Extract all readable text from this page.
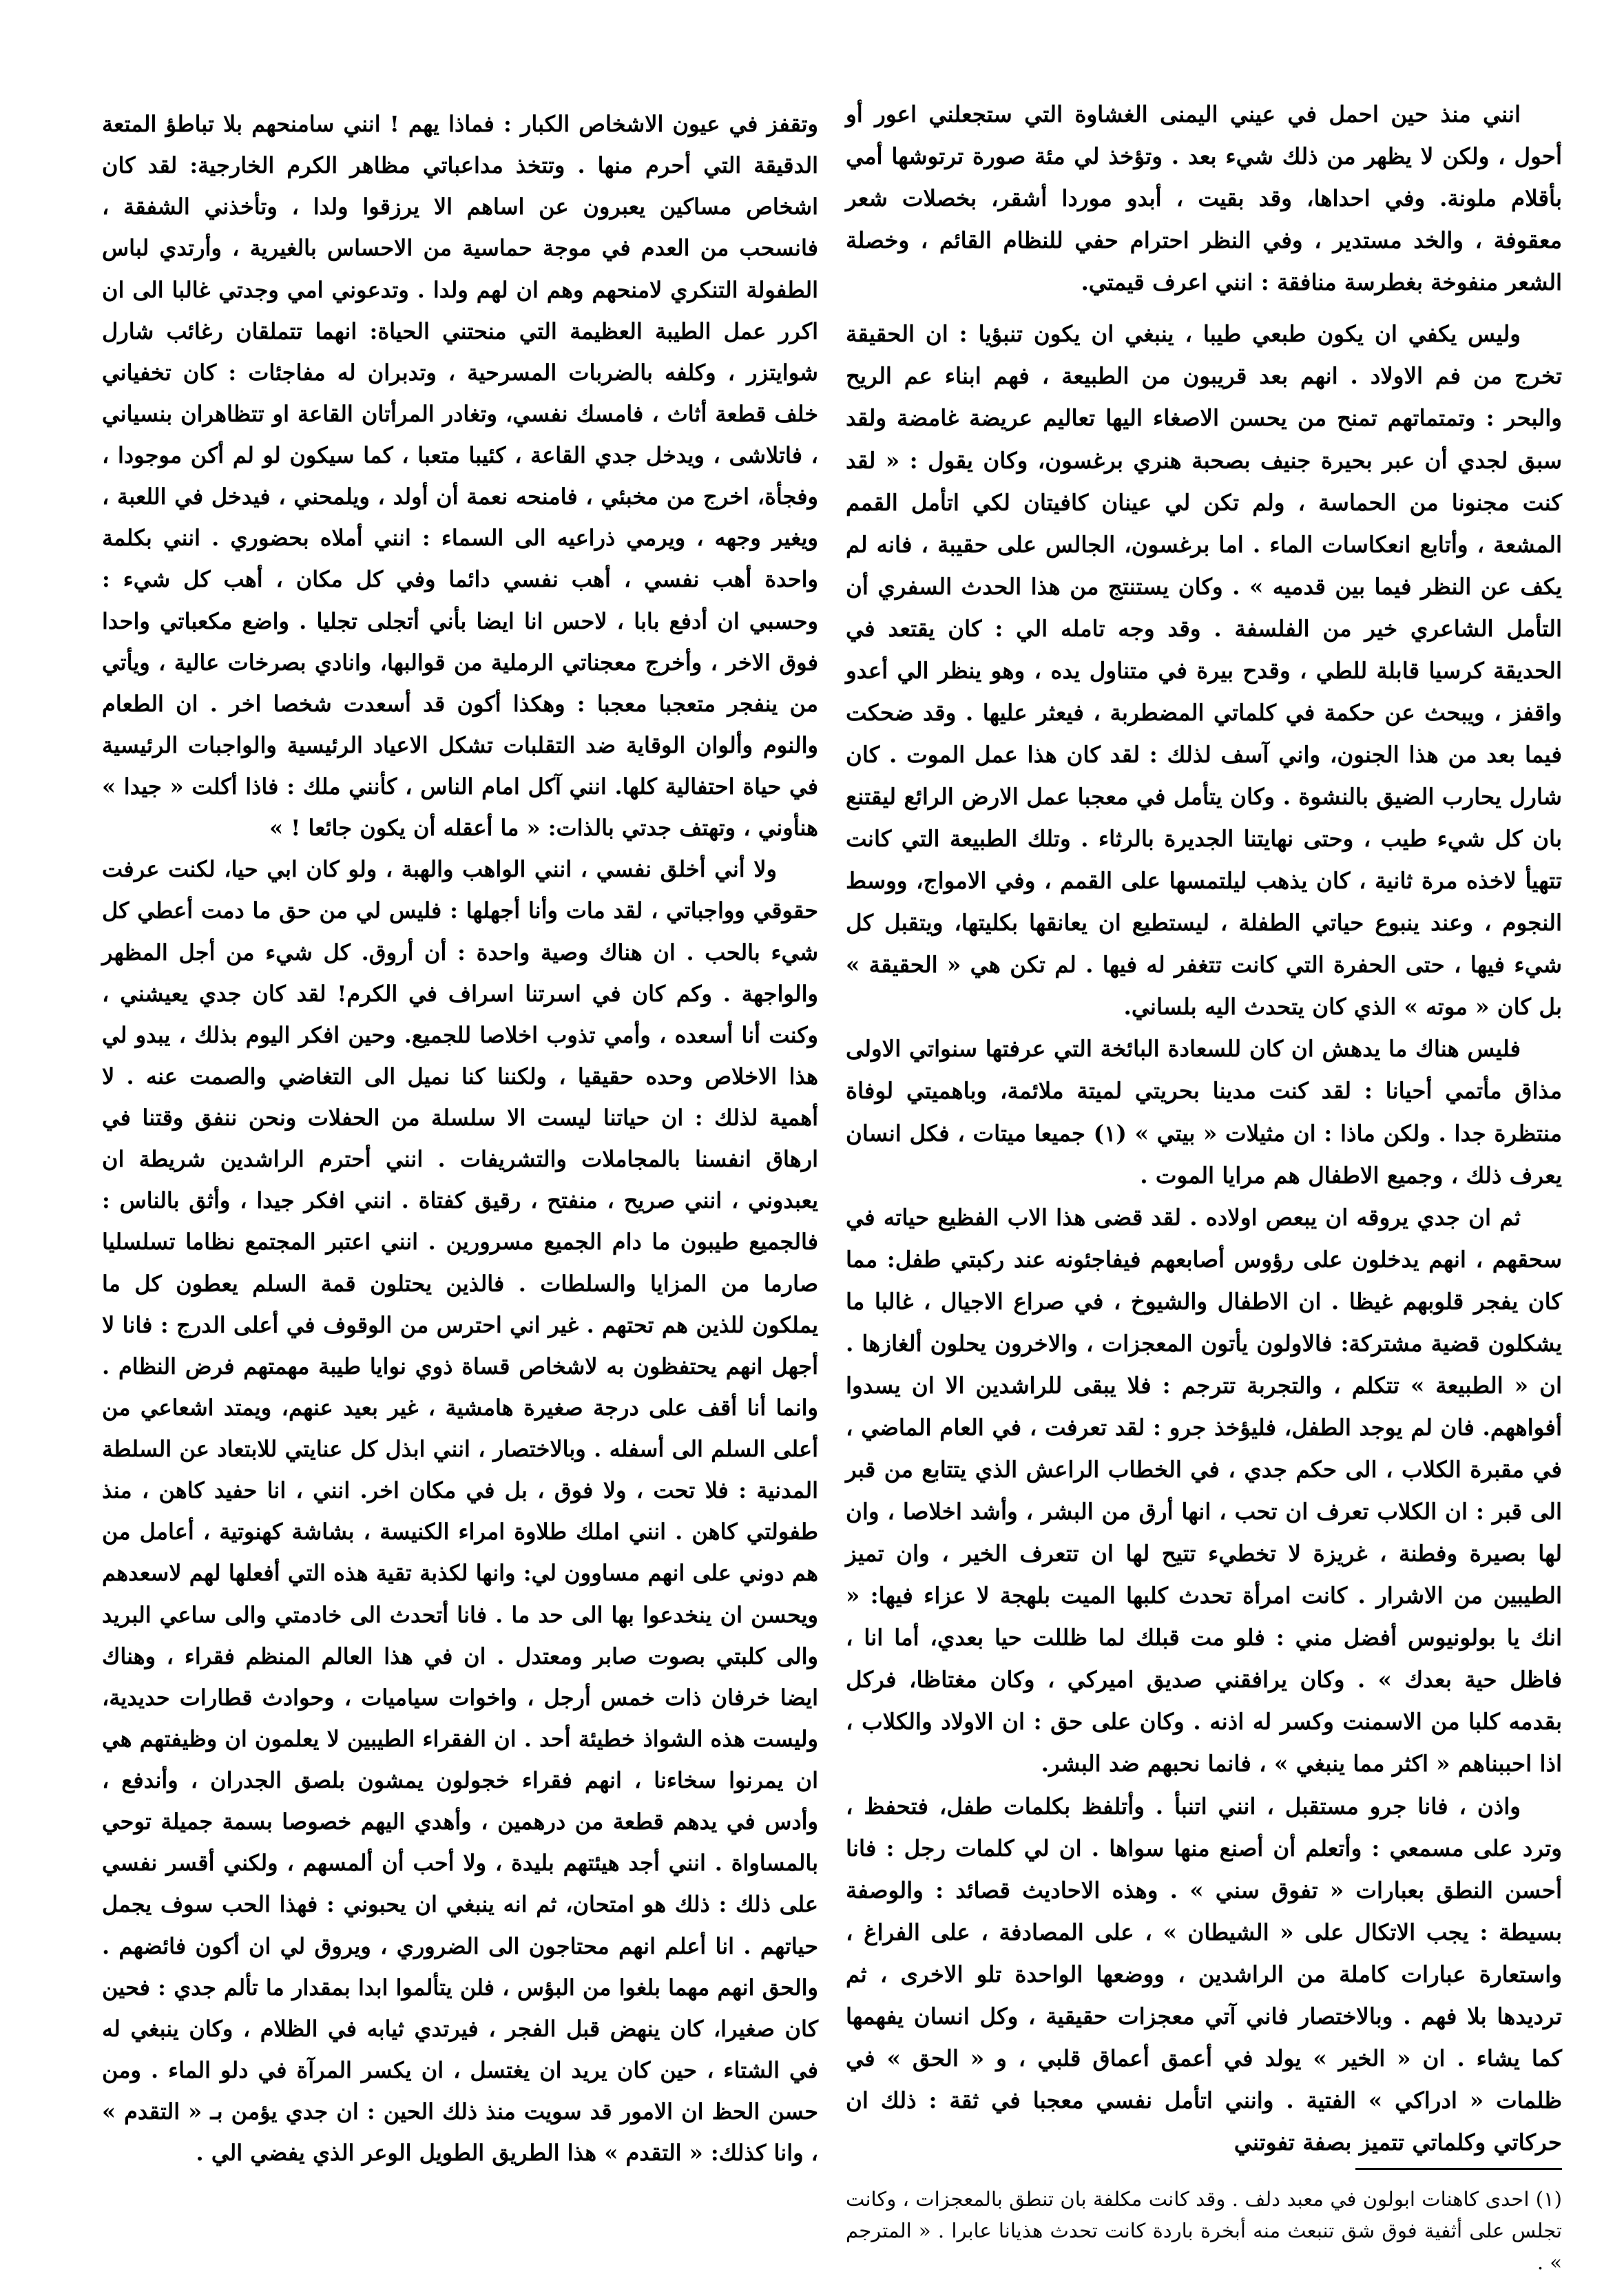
انني منذ حين احمل في عيني اليمنى الغشاوة التي ستجعلني اعور أو أحول ، ولكن لا يظهر من ذلك شيء بعد . وتؤخذ لي مئة صورة ترتوشها أمي بأقلام ملونة. وفي احداها، وقد بقيت ، أبدو موردا أشقر، بخصلات شعر معقوفة ، والخد مستدير ، وفي النظر احترام حفي للنظام القائم ، وخصلة الشعر منفوخة بغطرسة منافقة : انني اعرف قيمتي.

وليس يكفي ان يكون طبعي طيبا ، ينبغي ان يكون تنبؤيا : ان الحقيقة تخرج من فم الاولاد . انهم بعد قريبون من الطبيعة ، فهم ابناء عم الريح والبحر : وتمتماتهم تمنح من يحسن الاصغاء اليها تعاليم عريضة غامضة ولقد سبق لجدي أن عبر بحيرة جنيف بصحبة هنري برغسون، وكان يقول : « لقد كنت مجنونا من الحماسة ، ولم تكن لي عينان كافيتان لكي اتأمل القمم المشعة ، وأتابع انعكاسات الماء . اما برغسون، الجالس على حقيبة ، فانه لم يكف عن النظر فيما بين قدميه » . وكان يستنتج من هذا الحدث السفري أن التأمل الشاعري خير من الفلسفة . وقد وجه تامله الي : كان يقتعد في الحديقة كرسيا قابلة للطي ، وقدح بيرة في متناول يده ، وهو ينظر الي أعدو واقفز ، ويبحث عن حكمة في كلماتي المضطربة ، فيعثر عليها . وقد ضحكت فيما بعد من هذا الجنون، واني آسف لذلك : لقد كان هذا عمل الموت . كان شارل يحارب الضيق بالنشوة . وكان يتأمل في معجبا عمل الارض الرائع ليقتنع بان كل شيء طيب ، وحتى نهايتنا الجديرة بالرثاء . وتلك الطبيعة التي كانت تتهيأ لاخذه مرة ثانية ، كان يذهب ليلتمسها على القمم ، وفي الامواج، ووسط النجوم ، وعند ينبوع حياتي الطفلة ، ليستطيع ان يعانقها بكليتها، ويتقبل كل شيء فيها ، حتى الحفرة التي كانت تتغفر له فيها . لم تكن هي « الحقيقة » بل كان « موته » الذي كان يتحدث اليه بلساني.

فليس هناك ما يدهش ان كان للسعادة البائخة التي عرفتها سنواتي الاولى مذاق مأتمي أحيانا : لقد كنت مدينا بحريتي لميتة ملائمة، وباهميتي لوفاة منتظرة جدا . ولكن ماذا : ان مثيلات « بيتي » (١) جميعا ميتات ، فكل انسان يعرف ذلك ، وجميع الاطفال هم مرايا الموت .

ثم ان جدي يروقه ان يبعص اولاده . لقد قضى هذا الاب الفظيع حياته في سحقهم ، انهم يدخلون على رؤوس أصابعهم فيفاجئونه عند ركبتي طفل: مما كان يفجر قلوبهم غيظا . ان الاطفال والشيوخ ، في صراع الاجيال ، غالبا ما يشكلون قضية مشتركة: فالاولون يأتون المعجزات ، والاخرون يحلون ألغازها . ان « الطبيعة » تتكلم ، والتجربة تترجم : فلا يبقى للراشدين الا ان يسدوا أفواههم. فان لم يوجد الطفل، فليؤخذ جرو : لقد تعرفت ، في العام الماضي ، في مقبرة الكلاب ، الى حكم جدي ، في الخطاب الراعش الذي يتتابع من قبر الى قبر : ان الكلاب تعرف ان تحب ، انها أرق من البشر ، وأشد اخلاصا ، وان لها بصيرة وفطنة ، غريزة لا تخطيء تتيح لها ان تتعرف الخير ، وان تميز الطيبين من الاشرار . كانت امرأة تحدث كلبها الميت بلهجة لا عزاء فيها: « انك يا بولونيوس أفضل مني : فلو مت قبلك لما ظللت حيا بعدي، أما انا ، فاظل حية بعدك » . وكان يرافقني صديق اميركي ، وكان مغتاظا، فركل بقدمه كلبا من الاسمنت وكسر له اذنه . وكان على حق : ان الاولاد والكلاب ، اذا احببناهم « اكثر مما ينبغي » ، فانما نحبهم ضد البشر.

واذن ، فانا جرو مستقبل ، انني اتنبأ . وأتلفظ بكلمات طفل، فتحفظ ، وترد على مسمعي : وأتعلم أن أصنع منها سواها . ان لي كلمات رجل : فانا أحسن النطق بعبارات « تفوق سني » . وهذه الاحاديث قصائد : والوصفة بسيطة : يجب الاتكال على « الشيطان » ، على المصادفة ، على الفراغ ، واستعارة عبارات كاملة من الراشدين ، ووضعها الواحدة تلو الاخرى ، ثم ترديدها بلا فهم . وبالاختصار فاني آتي معجزات حقيقية ، وكل انسان يفهمها كما يشاء . ان « الخير » يولد في أعمق أعماق قلبي ، و « الحق » في ظلمات « ادراكي » الفتية . وانني اتأمل نفسي معجبا في ثقة : ذلك ان حركاتي وكلماتي تتميز بصفة تفوتني

وتقفز في عيون الاشخاص الكبار : فماذا يهم ! انني سامنحهم بلا تباطؤ المتعة الدقيقة التي أحرم منها . وتتخذ مداعباتي مظاهر الكرم الخارجية: لقد كان اشخاص مساكين يعبرون عن اساهم الا يرزقوا ولدا ، وتأخذني الشفقة ، فانسحب من العدم في موجة حماسية من الاحساس بالغيرية ، وأرتدي لباس الطفولة التنكري لامنحهم وهم ان لهم ولدا . وتدعوني امي وجدتي غالبا الى ان اكرر عمل الطيبة العظيمة التي منحتني الحياة: انهما تتملقان رغائب شارل شوايتزر ، وكلفه بالضربات المسرحية ، وتدبران له مفاجئات : كان تخفياني خلف قطعة أثاث ، فامسك نفسي، وتغادر المرأتان القاعة او تتظاهران بنسياني ، فاتلاشى ، ويدخل جدي القاعة ، كئيبا متعبا ، كما سيكون لو لم أكن موجودا ، وفجأة، اخرج من مخبئي ، فامنحه نعمة أن أولد ، ويلمحني ، فيدخل في اللعبة ، ويغير وجهه ، ويرمي ذراعيه الى السماء : انني أملاه بحضوري . انني بكلمة واحدة أهب نفسي ، أهب نفسي دائما وفي كل مكان ، أهب كل شيء : وحسبي ان أدفع بابا ، لاحس انا ايضا بأني أتجلى تجليا . واضع مكعباتي واحدا فوق الاخر ، وأخرج معجناتي الرملية من قوالبها، وانادي بصرخات عالية ، ويأتي من ينفجر متعجبا معجبا : وهكذا أكون قد أسعدت شخصا اخر . ان الطعام والنوم وألوان الوقاية ضد التقلبات تشكل الاعياد الرئيسية والواجبات الرئيسية في حياة احتفالية كلها. انني آكل امام الناس ، كأنني ملك : فاذا أكلت « جيدا » هنأوني ، وتهتف جدتي بالذات: « ما أعقله أن يكون جائعا ! »

ولا أني أخلق نفسي ، انني الواهب والهبة ، ولو كان ابي حيا، لكنت عرفت حقوقي وواجباتي ، لقد مات وأنا أجهلها : فليس لي من حق ما دمت أعطي كل شيء بالحب . ان هناك وصية واحدة : أن أروق. كل شيء من أجل المظهر والواجهة . وكم كان في اسرتنا اسراف في الكرم! لقد كان جدي يعيشني ، وكنت أنا أسعده ، وأمي تذوب اخلاصا للجميع. وحين افكر اليوم بذلك ، يبدو لي هذا الاخلاص وحده حقيقيا ، ولكننا كنا نميل الى التغاضي والصمت عنه . لا أهمية لذلك : ان حياتنا ليست الا سلسلة من الحفلات ونحن ننفق وقتنا في ارهاق انفسنا بالمجاملات والتشريفات . انني أحترم الراشدين شريطة ان يعبدوني ، انني صريح ، منفتح ، رقيق كفتاة . انني افكر جيدا ، وأثق بالناس : فالجميع طيبون ما دام الجميع مسرورين . انني اعتبر المجتمع نظاما تسلسليا صارما من المزايا والسلطات . فالذين يحتلون قمة السلم يعطون كل ما يملكون للذين هم تحتهم . غير اني احترس من الوقوف في أعلى الدرج : فانا لا أجهل انهم يحتفظون به لاشخاص قساة ذوي نوايا طيبة مهمتهم فرض النظام . وانما أنا أقف على درجة صغيرة هامشية ، غير بعيد عنهم، ويمتد اشعاعي من أعلى السلم الى أسفله . وبالاختصار ، انني ابذل كل عنايتي للابتعاد عن السلطة المدنية : فلا تحت ، ولا فوق ، بل في مكان اخر. انني ، انا حفيد كاهن ، منذ طفولتي كاهن . انني املك طلاوة امراء الكنيسة ، بشاشة كهنوتية ، أعامل من هم دوني على انهم مساوون لي: وانها لكذبة تقية هذه التي أفعلها لهم لاسعدهم ويحسن ان ينخدعوا بها الى حد ما . فانا أتحدث الى خادمتي والى ساعي البريد والى كلبتي بصوت صابر ومعتدل . ان في هذا العالم المنظم فقراء ، وهناك ايضا خرفان ذات خمس أرجل ، واخوات سياميات ، وحوادث قطارات حديدية، وليست هذه الشواذ خطيئة أحد . ان الفقراء الطيبين لا يعلمون ان وظيفتهم هي ان يمرنوا سخاءنا ، انهم فقراء خجولون يمشون بلصق الجدران ، وأندفع ، وأدس في يدهم قطعة من درهمين ، وأهدي اليهم خصوصا بسمة جميلة توحي بالمساواة . انني أجد هيئتهم بليدة ، ولا أحب أن ألمسهم ، ولكني أقسر نفسي على ذلك : ذلك هو امتحان، ثم انه ينبغي ان يحبوني : فهذا الحب سوف يجمل حياتهم . انا أعلم انهم محتاجون الى الضروري ، ويروق لي ان أكون فائضهم . والحق انهم مهما بلغوا من البؤس ، فلن يتألموا ابدا بمقدار ما تألم جدي : فحين كان صغيرا، كان ينهض قبل الفجر ، فيرتدي ثيابه في الظلام ، وكان ينبغي له في الشتاء ، حين كان يريد ان يغتسل ، ان يكسر المرآة في دلو الماء . ومن حسن الحظ ان الامور قد سويت منذ ذلك الحين : ان جدي يؤمن بـ « التقدم » ، وانا كذلك: « التقدم » هذا الطريق الطويل الوعر الذي يفضي الي .

(١) احدى كاهنات ابولون في معبد دلف . وقد كانت مكلفة بان تنطق بالمعجزات ، وكانت تجلس على أثفية فوق شق تنبعث منه أبخرة باردة كانت تحدث هذيانا عابرا . « المترجم » .
